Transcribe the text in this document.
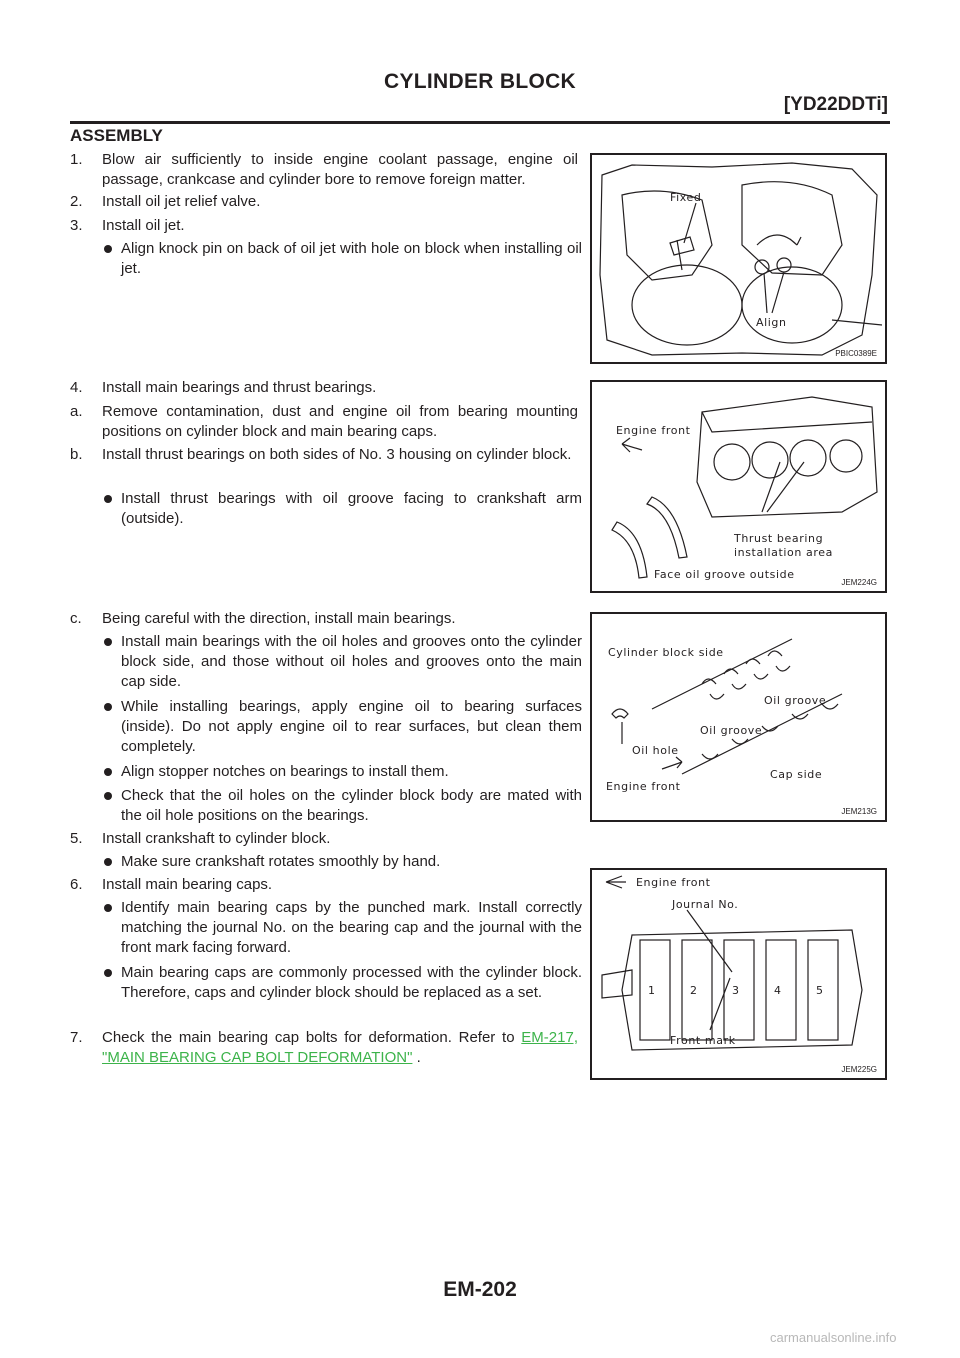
CYLINDER BLOCK
[YD22DDTi]
ASSEMBLY
1. Blow air sufficiently to inside engine coolant passage, engine oil passage, crankcase and cylinder bore to remove foreign matter.
2. Install oil jet relief valve.
3. Install oil jet.
Align knock pin on back of oil jet with hole on block when installing oil jet.
4. Install main bearings and thrust bearings.
a. Remove contamination, dust and engine oil from bearing mounting positions on cylinder block and main bearing caps.
b. Install thrust bearings on both sides of No. 3 housing on cylinder block.
Install thrust bearings with oil groove facing to crankshaft arm (outside).
c. Being careful with the direction, install main bearings.
Install main bearings with the oil holes and grooves onto the cylinder block side, and those without oil holes and grooves onto the main cap side.
While installing bearings, apply engine oil to bearing surfaces (inside). Do not apply engine oil to rear surfaces, but clean them completely.
Align stopper notches on bearings to install them.
Check that the oil holes on the cylinder block body are mated with the oil hole positions on the bearings.
5. Install crankshaft to cylinder block.
Make sure crankshaft rotates smoothly by hand.
6. Install main bearing caps.
Identify main bearing caps by the punched mark. Install correctly matching the journal No. on the bearing cap and the journal with the front mark facing forward.
Main bearing caps are commonly processed with the cylinder block. Therefore, caps and cylinder block should be replaced as a set.
7. Check the main bearing cap bolts for deformation. Refer to EM-217, "MAIN BEARING CAP BOLT DEFORMATION" .
Fixed
Align
PBIC0389E
Engine front
Thrust bearing
installation area
Face oil groove outside
JEM224G
Cylinder block side
Oil groove
Oil groove
Oil hole
Engine front
Cap side
JEM213G
Engine front
Journal No.
Front mark
1	2	3	4	5
JEM225G
EM-202
carmanualsonline.info
